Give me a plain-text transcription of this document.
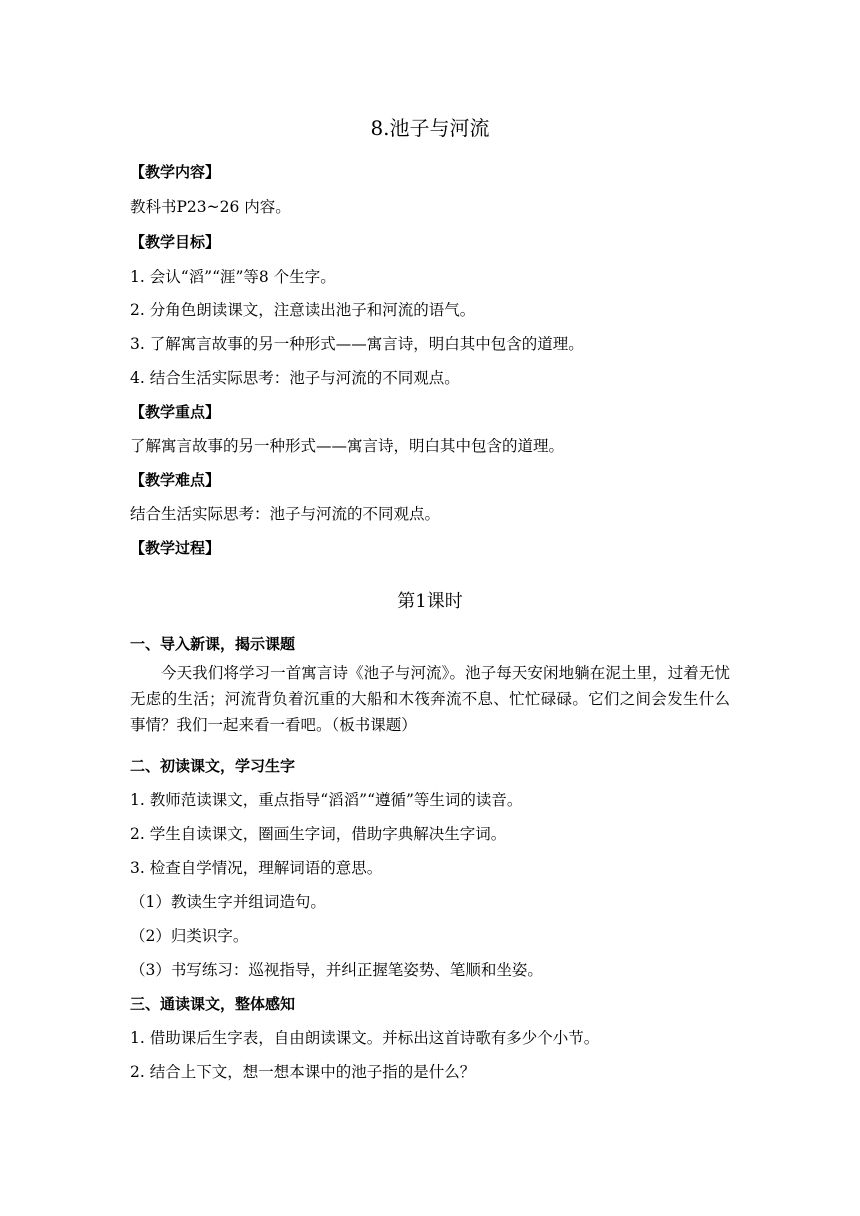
8.池子与河流
【教学内容】
教科书P23~26 内容。
【教学目标】
1. 会认“滔”“涯”等8 个生字。
2. 分角色朗读课文，注意读出池子和河流的语气。
3. 了解寓言故事的另一种形式——寓言诗，明白其中包含的道理。
4. 结合生活实际思考：池子与河流的不同观点。
【教学重点】
了解寓言故事的另一种形式——寓言诗，明白其中包含的道理。
【教学难点】
结合生活实际思考：池子与河流的不同观点。
【教学过程】
第1课时
一、导入新课，揭示课题
今天我们将学习一首寓言诗《池子与河流》。池子每天安闲地躺在泥土里，过着无忧无虑的生活；河流背负着沉重的大船和木筏奔流不息、忙忙碌碌。它们之间会发生什么事情？我们一起来看一看吧。（板书课题）
二、初读课文，学习生字
1. 教师范读课文，重点指导“滔滔”“遵循”等生词的读音。
2. 学生自读课文，圈画生字词，借助字典解决生字词。
3. 检查自学情况，理解词语的意思。
（1）教读生字并组词造句。
（2）归类识字。
（3）书写练习：巡视指导，并纠正握笔姿势、笔顺和坐姿。
三、通读课文，整体感知
1. 借助课后生字表，自由朗读课文。并标出这首诗歌有多少个小节。
2. 结合上下文，想一想本课中的池子指的是什么？
